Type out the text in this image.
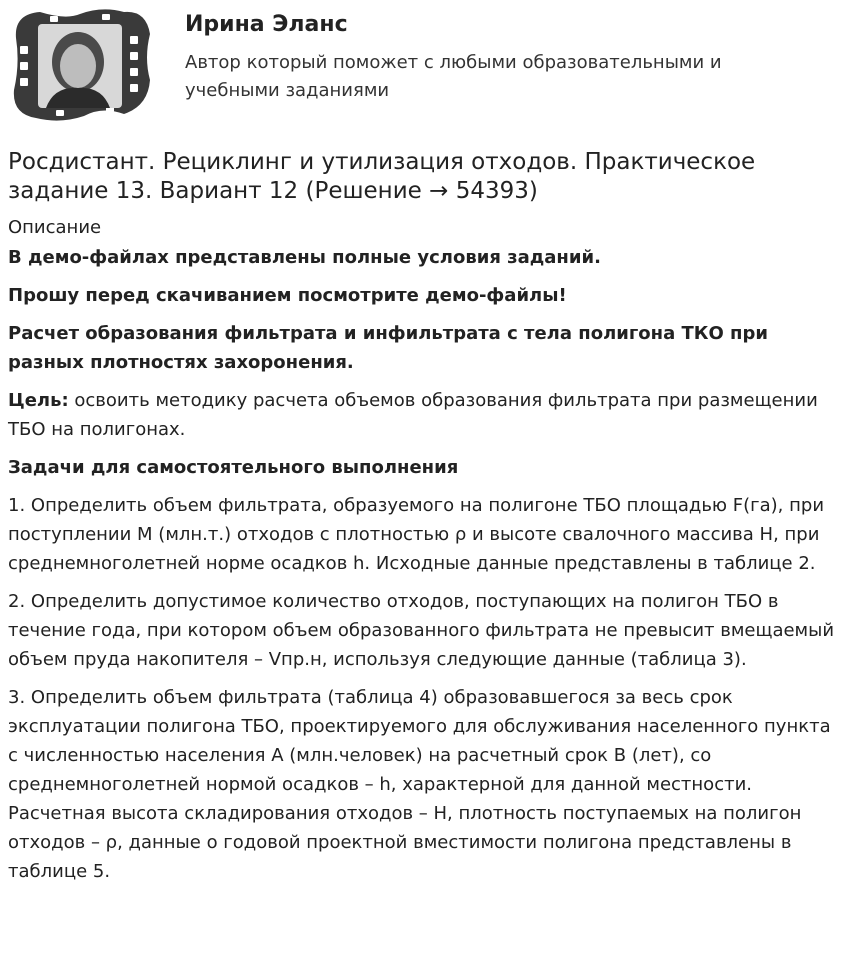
Ирина Эланс
Автор который поможет с любыми образовательными и учебными заданиями
Росдистант. Рециклинг и утилизация отходов. Практическое задание 13. Вариант 12 (Решение → 54393)
Описание

В демо-файлах представлены полные условия заданий.

Прошу перед скачиванием посмотрите демо-файлы!

Расчет образования фильтрата и инфильтрата с тела полигона ТКО при разных плотностях захоронения.

Цель: освоить методику расчета объемов образования фильтрата при размещении ТБО на полигонах.

Задачи для самостоятельного выполнения

1. Определить объем фильтрата, образуемого на полигоне ТБО площадью F(га), при поступлении M (млн.т.) отходов с плотностью ρ и высоте свалочного массива H, при среднемноголетней норме осадков h. Исходные данные представлены в таблице 2.

2. Определить допустимое количество отходов, поступающих на полигон ТБО в течение года, при котором объем образованного фильтрата не превысит вмещаемый объем пруда накопителя – Vпр.н, используя следующие данные (таблица 3).

3. Определить объем фильтрата (таблица 4) образовавшегося за весь срок эксплуатации полигона ТБО, проектируемого для обслуживания населенного пункта с численностью населения А (млн.человек) на расчетный срок В (лет), со среднемноголетней нормой осадков – h, характерной для данной местности. Расчетная высота складирования отходов – H, плотность поступаемых на полигон отходов – ρ, данные о годовой проектной вместимости полигона представлены в таблице 5.
